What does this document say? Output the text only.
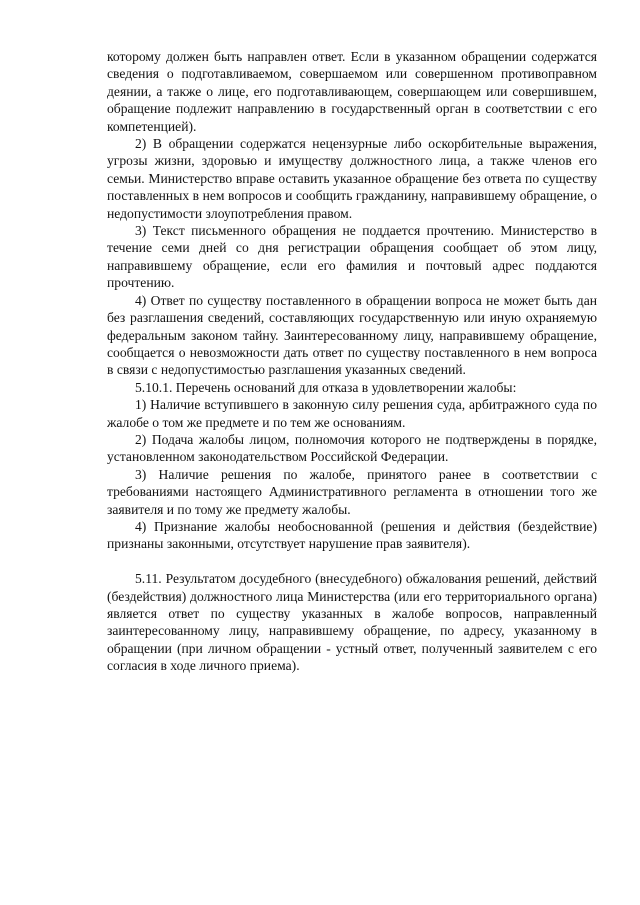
которому должен быть направлен ответ. Если в указанном обращении содержатся сведения о подготавливаемом, совершаемом или совершенном противоправном деянии, а также о лице, его подготавливающем, совершающем или совершившем, обращение подлежит направлению в государственный орган в соответствии с его компетенцией).

2) В обращении содержатся нецензурные либо оскорбительные выражения, угрозы жизни, здоровью и имуществу должностного лица, а также членов его семьи. Министерство вправе оставить указанное обращение без ответа по существу поставленных в нем вопросов и сообщить гражданину, направившему обращение, о недопустимости злоупотребления правом.

3) Текст письменного обращения не поддается прочтению. Министерство в течение семи дней со дня регистрации обращения сообщает об этом лицу, направившему обращение, если его фамилия и почтовый адрес поддаются прочтению.

4) Ответ по существу поставленного в обращении вопроса не может быть дан без разглашения сведений, составляющих государственную или иную охраняемую федеральным законом тайну. Заинтересованному лицу, направившему обращение, сообщается о невозможности дать ответ по существу поставленного в нем вопроса в связи с недопустимостью разглашения указанных сведений.

5.10.1. Перечень оснований для отказа в удовлетворении жалобы:

1) Наличие вступившего в законную силу решения суда, арбитражного суда по жалобе о том же предмете и по тем же основаниям.

2) Подача жалобы лицом, полномочия которого не подтверждены в порядке, установленном законодательством Российской Федерации.

3) Наличие решения по жалобе, принятого ранее в соответствии с требованиями настоящего Административного регламента в отношении того же заявителя и по тому же предмету жалобы.

4) Признание жалобы необоснованной (решения и действия (бездействие) признаны законными, отсутствует нарушение прав заявителя).

5.11. Результатом досудебного (внесудебного) обжалования решений, действий (бездействия) должностного лица Министерства (или его территориального органа) является ответ по существу указанных в жалобе вопросов, направленный заинтересованному лицу, направившему обращение, по адресу, указанному в обращении (при личном обращении - устный ответ, полученный заявителем с его согласия в ходе личного приема).
